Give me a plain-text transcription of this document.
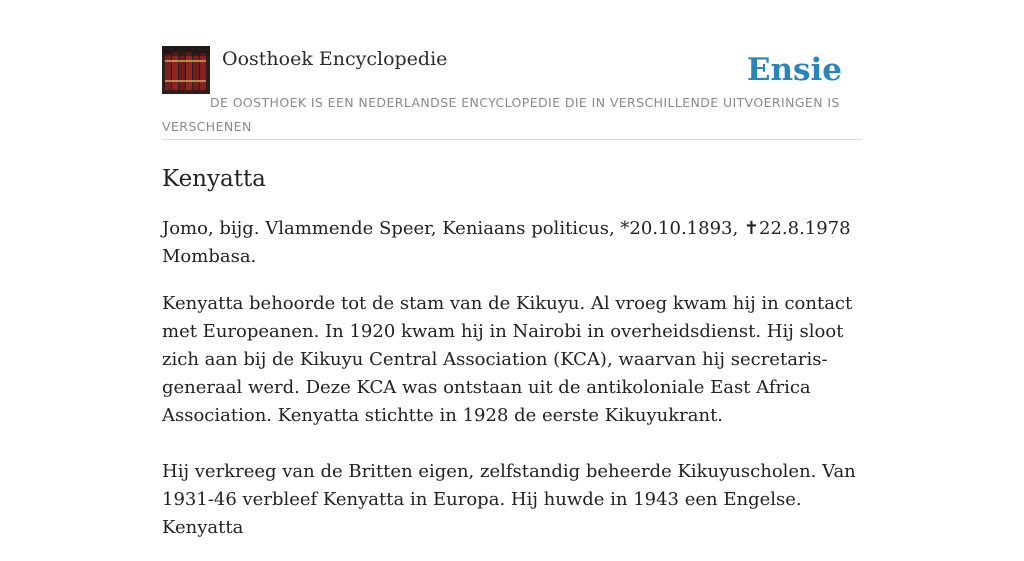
Oosthoek Encyclopedie	Ensie
DE OOSTHOEK IS EEN NEDERLANDSE ENCYCLOPEDIE DIE IN VERSCHILLENDE UITVOERINGEN IS VERSCHENEN
Kenyatta

Jomo, bijg. Vlammende Speer, Keniaans politicus, *20.10.1893, ✝22.8.1978 Mombasa.

Kenyatta behoorde tot de stam van de Kikuyu. Al vroeg kwam hij in contact met Europeanen. In 1920 kwam hij in Nairobi in overheidsdienst. Hij sloot zich aan bij de Kikuyu Central Association (KCA), waarvan hij secretaris-generaal werd. Deze KCA was ontstaan uit de antikoloniale East Africa Association. Kenyatta stichtte in 1928 de eerste Kikuyukrant.

Hij verkreeg van de Britten eigen, zelfstandig beheerde Kikuyuscholen. Van 1931-46 verbleef Kenyatta in Europa. Hij huwde in 1943 een Engelse. Kenyatta
